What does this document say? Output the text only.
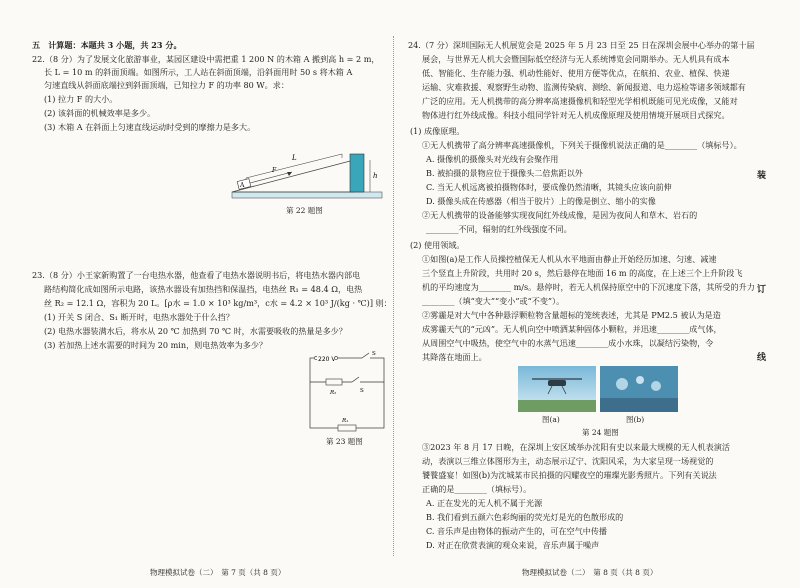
五　计算题：本题共 3 小题，共 23 分。
22.（8 分）为了发展文化旅游事业，某园区建设中需把重 1 200 N 的木箱 A 搬到高 h = 2 m，
长 L = 10 m 的斜面顶端。如图所示，工人站在斜面顶端，沿斜面用时 50 s 将木箱 A
匀速直线从斜面底端拉到斜面顶端，已知拉力 F 的功率 80 W。求：
(1) 拉力 F 的大小。
(2) 该斜面的机械效率是多少。
(3) 木箱 A 在斜面上匀速直线运动时受到的摩擦力是多大。
L
A
F
h
第 22 题图
23.（8 分）小王家新购置了一台电热水器，他查看了电热水器说明书后，将电热水器内部电
路结构简化成如图所示电路，该热水器设有加热挡和保温挡，电热丝 R₁ = 48.4 Ω，电热
丝 R₂ = 12.1 Ω，容积为 20 L。[ρ水 = 1.0 × 10³ kg/m³，c水 = 4.2 × 10³ J/(kg · ℃)] 则：
(1) 开关 S 闭合、S₁ 断开时，电热水器处于什么挡？
(2) 电热水器装满水后，将水从 20 ℃ 加热到 70 ℃ 时，水需要吸收的热量是多少？
(3) 若加热上述水需要的时间为 20 min，则电热效率为多少？
220 V
S
R₂	S
R₁
第 23 题图
物理模拟试卷（二）　第 7 页（共 8 页）
24.（7 分）深圳国际无人机展览会是 2025 年 5 月 23 日至 25 日在深圳会展中心举办的第十届
展会，与世界无人机大会暨国际低空经济与无人系统博览会同期举办。无人机具有成本
低、智能化、生存能力强、机动性能好、使用方便等优点，在航拍、农业、植保、快递
运输、灾难救援、观察野生动物、监测传染病、测绘、新闻报道、电力巡检等诸多领域都有
广泛的应用。无人机携带的高分辨率高速摄像机和轻型光学相机既能可见光成像，又能对
物体进行红外线成像。科技小组同学针对无人机成像原理及使用情境开展项目式探究。
(1) 成像原理。
①无人机携带了高分辨率高速摄像机，下列关于摄像机说法正确的是________（填标号）。
A. 摄像机的摄像头对光线有会聚作用
B. 被拍摄的景物应位于摄像头二倍焦距以外
C. 当无人机远离被拍摄物体时，要成像仍然清晰，其镜头应该向前伸
D. 摄像头成在传感器（相当于胶片）上的像是倒立、缩小的实像
②无人机携带的设备能够实现夜间红外线成像，是因为夜间人和草木、岩石的
________不同，辐射的红外线强度不同。
(2) 使用领域。
①如图(a)是工作人员操控植保无人机从水平地面由静止开始经历加速、匀速、减速
三个竖直上升阶段，共用时 20 s，然后悬停在地面 16 m 的高度，在上述三个上升阶段飞
机的平均速度为________ m/s。悬停时，若无人机保持原空中的下沉速度下落，其所受的升力
________（填“变大”“变小”或“不变”）。
②雾霾是对大气中各种悬浮颗粒物含量超标的笼统表述，尤其是 PM2.5 被认为是造
成雾霾天气的“元凶”。无人机向空中喷洒某种固体小颗粒，并迅速________成气体，
从周围空气中吸热，使空气中的水蒸气迅速________成小水珠，以凝结污染物，令
其降落在地面上。
图(a)	图(b)
第 24 题图
③2023 年 8 月 17 日晚，在深圳上安区域举办沈阳有史以来最大规模的无人机表演活
动，表演以三维立体图形为主，动态展示辽宁、沈阳风采，为大家呈现一场视觉的
饕餮盛宴！如图(b)为沈城某市民拍摄的闪耀夜空的璀璨光影秀照片。下列有关说法
正确的是________（填标号）。
A. 正在发光的无人机不属于光源
B. 我们看到五颜六色彩绚丽的荧光灯是光的色散形成的
C. 音乐声是由物体的振动产生的，可在空气中传播
D. 对正在欣赏表演的观众来说，音乐声属于噪声
物理模拟试卷（二）　第 8 页（共 8 页）
装
订
线
